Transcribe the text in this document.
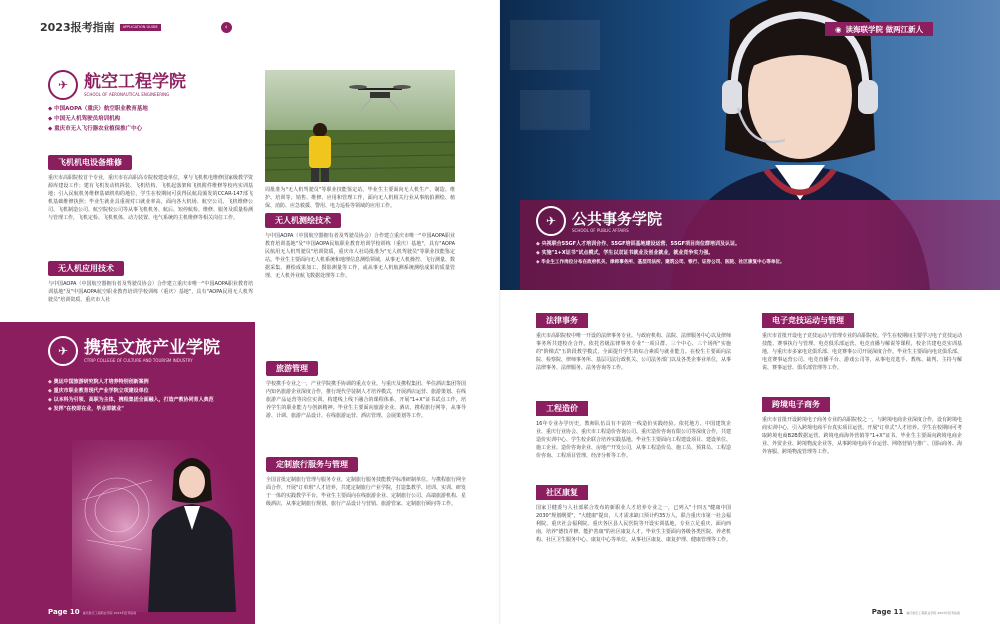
2023报考指南	APPLICATION GUIDE	‹
✈ 航空工程学院
SCHOOL OF AERONAUTICAL ENGINEERING
◆ 中国AOPA（重庆）航空职业教育基地
◆ 中国无人机驾驶员培训机构
◆ 重庆市无人飞行器农业植保推广中心
飞机机电设备维修
重庆市高职院校首个专业，重庆市在高职高专院校建设单位，拿与飞机机电维修国家级教学资源库建设工作；建有飞机发动机拆装、飞机结构、飞机起落架和飞机附件维修等校内实训基地；引入民航机务维修基础机构的地位，学生在校期间可获得民航局颁发的CCAR-147部飞机基础维修执照；毕业生就业具重视对口就业率高，面向各大机场、航空公司、飞机维修公司、飞机制造公司、航空院校公司等从事飞机机务、航后、短停航检、维修、服务及质量检测与管理工作，飞机定检、飞机机体、动力装置、电气系统的主机维修等相关岗位工作。
无人机应用技术
与中国AOPA（中国航空器拥有者及驾驶员协会）合作建立重庆市唯一"中国AOPA职业教育培训基地"及"中国AOPA航空职业教育培训学校训练（重庆）基地"，具有"AOPA民用无人机驾驶员"培训资质，重庆市人社
周批准为"无人机驾驶员"等职业技能鉴定站。毕业生主要面向无人机生产、制造、维护、培训等、销售、维修、应用和管理工作，面向无人机相关行业从事航拍测绘、植保、消防、应急救援、警用、电力巡检等领域的应用工作。
无人机测绘技术
与中国AOPA（中国航空器拥有者及驾驶员协会）合作建立重庆市唯一"中国AOPA职业教育培训基地"及"中国AOPA民航职业教育培训学校训练（重庆）基地"，具有"AOPA民航用无人机驾驶员"培训资质，重庆市人社局批准为"无人机驾驶员"等职业技能鉴定站。毕业生主要面向无人机系统和地理信息测绘领域，从事无人机操控、飞行测量、数据采集、测绘成果加工、摄影测量等工作，或从事无人机航测系统测绘成果的质量管理、无人机外业航飞数据处理等工作。
✈ 携程文旅产业学院
CTRIP COLLEGE OF CULTURE AND TOURISM INDUSTRY
◆ 奥运中国旅游研究院人才培养特别创新案例
◆ 重庆市职业教育现代产业学院立项建设单位
◆ 以本科为引领、高职为主体，携程集团全面融入，打造产教协同育人典范
◆ 发挥"在校即在业，毕业即就业"
旅游管理
学校携手专业之一，产业学院携手协调的重点专业。与重庆及携程集团、华住酒店集团等国内知名旅游企业深度合作，推行现代学徒制人才培养模式，开展酒店运营、旅游策划、在线旅游产品运营等岗位实训。构建线上线下融合的课程体系，开展"1+X"证书试点工作，培养学生的职业能力与创新精神。毕业生主要面向旅游企业、酒店、携程旅行网等，从事导游、计调、旅游产品设计、在线旅游运营、酒店管理、会展策划等工作。
定制旅行服务与管理
全国首批定制旅行管理与服务专业，定制旅行服务技能教学标准研制单位。与携程旅行网全面合作，开展"订单班"人才培养，共建定制旅行产业学院，打造集教学、培训、实训、研发于一体的实践教学平台。毕业生主要面向在线旅游企业、定制旅行公司、高端旅游机构、星级酒店，从事定制旅行规划、旅行产品设计与营销、旅游管家、定制旅行顾问等工作。
Page 10 重庆航空工程职业学院 2023年报考指南
◉ 读海联学院 做两江新人
✈	公共事务学院
SCHOOL OF PUBLIC AFFAIRS
◆ 央视联合55GF人才培训合作、55GF培训基地建设运营、55GF项目岗位群培训及认证。
◆ 实施"1+X证书"试点模式，学生以双证书就业及创业就业，就业竞争实力强。
◆ 毕业生工作岗位分布在政府机关、律师事务所、基层司法所、建筑公司、银行、证券公司、医院、社区康复中心等单位。
法律事务
重庆市高职院校中唯一开设的法律事务专业。与政府机构、法院、法律服务中心以及律师事务所共建校企合作。依托省级法律事务专业"一项目群、三个中心、三个场所"实施的"阶梯式"五阶段教学模式，全面提升学生的综合素质与就业能力。在校生主要面向法院、检察院、律师事务所、基层司法行政机关、公司法务部门以及各类企事业单位，从事法律事务、法律服务、法务咨询等工作。
工程造价
16年专业办学历史，教师队伍具有丰富的一线造价实践经验。依托地方、中国建筑企业、重庆行业协会、重庆市工程造价咨询公司、重庆造价咨询有限公司等深度合作，共建造价实训中心、学生校企联合培养实践基地。毕业生主要面向工程建设项目、建设单位、施工企业、造价咨询企业、房地产开发公司，从事工程造价员、施工员、预算员、工程造价咨询、工程项目管理、经济分析等工作。
社区康复
国家卫健委与人社部联合发布的新职业人才培养专业之一，已列入"十四五"健康中国2030"规划纲要"，"大健康"提出，人才需求缺口预计约35万人。联合重庆市第一社会福利院、重庆社会福利院、重庆各区县人民医院等开设实训基地，专业立足重庆、面向西南，培养"德技并修、能护善康"的社区康复人才。毕业生主要面向各级各类医院、养老机构、社区卫生服务中心、康复中心等单位，从事社区康复、康复护理、健康管理等工作。
电子竞技运动与管理
重庆市首批开设电子竞技运动与管理专业的高职院校。学生在校期间主要学习电子竞技运动技能、赛事执行与管理、电竞俱乐部运营、电竞直播与解说等课程，校企共建电竞实训基地，与重庆市多家电竞俱乐部、电竞赛事公司开展深度合作。毕业生主要面向电竞俱乐部、电竞赛事运营公司、电竞直播平台、游戏公司等，从事电竞选手、教练、裁判、主持与解说、赛事运营、俱乐部管理等工作。
跨境电子商务
重庆市首批开设跨境电子商务专业的高职院校之一，与跨境电商企业深度合作，设有跨境电商实训中心，引入跨境电商平台真实项目运营，开展"订单式"人才培养。学生在校期间可考取跨境电商B2B数据运营、跨境电商海外营销等"1+X"证书。毕业生主要面向跨境电商企业、外贸企业、跨境物流企业等，从事跨境电商平台运营、网络营销与推广、国际商务、海外客服、跨境物流管理等工作。
Page 11 重庆航空工程职业学院 2023年报考指南
